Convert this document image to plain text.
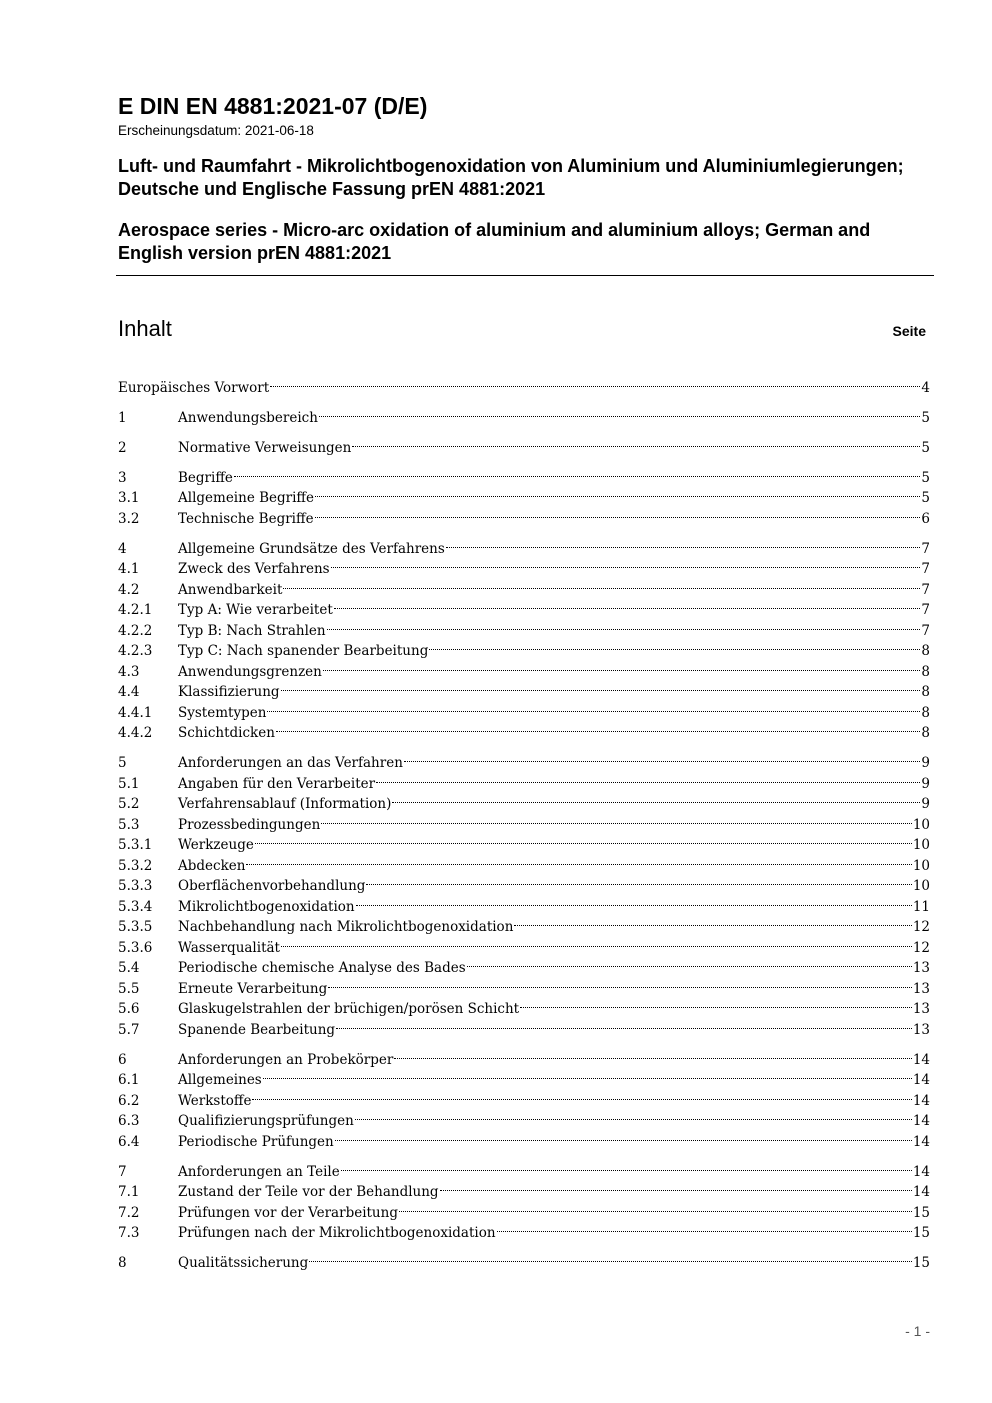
E DIN EN 4881:2021-07 (D/E)

Erscheinungsdatum: 2021-06-18

Luft- und Raumfahrt - Mikrolichtbogenoxidation von Aluminium und Aluminiumlegierungen; Deutsche und Englische Fassung prEN 4881:2021

Aerospace series - Micro-arc oxidation of aluminium and aluminium alloys; German and English version prEN 4881:2021

Inhalt	Seite
Europäisches Vorwort	4
1	Anwendungsbereich	5
2	Normative Verweisungen	5
3	Begriffe	5
3.1	Allgemeine Begriffe	5
3.2	Technische Begriffe	6
4	Allgemeine Grundsätze des Verfahrens	7
4.1	Zweck des Verfahrens	7
4.2	Anwendbarkeit	7
4.2.1	Typ A: Wie verarbeitet	7
4.2.2	Typ B: Nach Strahlen	7
4.2.3	Typ C: Nach spanender Bearbeitung	8
4.3	Anwendungsgrenzen	8
4.4	Klassifizierung	8
4.4.1	Systemtypen	8
4.4.2	Schichtdicken	8
5	Anforderungen an das Verfahren	9
5.1	Angaben für den Verarbeiter	9
5.2	Verfahrensablauf (Information)	9
5.3	Prozessbedingungen	10
5.3.1	Werkzeuge	10
5.3.2	Abdecken	10
5.3.3	Oberflächenvorbehandlung	10
5.3.4	Mikrolichtbogenoxidation	11
5.3.5	Nachbehandlung nach Mikrolichtbogenoxidation	12
5.3.6	Wasserqualität	12
5.4	Periodische chemische Analyse des Bades	13
5.5	Erneute Verarbeitung	13
5.6	Glaskugelstrahlen der brüchigen/porösen Schicht	13
5.7	Spanende Bearbeitung	13
6	Anforderungen an Probekörper	14
6.1	Allgemeines	14
6.2	Werkstoffe	14
6.3	Qualifizierungsprüfungen	14
6.4	Periodische Prüfungen	14
7	Anforderungen an Teile	14
7.1	Zustand der Teile vor der Behandlung	14
7.2	Prüfungen vor der Verarbeitung	15
7.3	Prüfungen nach der Mikrolichtbogenoxidation	15
8	Qualitätssicherung	15
- 1 -
